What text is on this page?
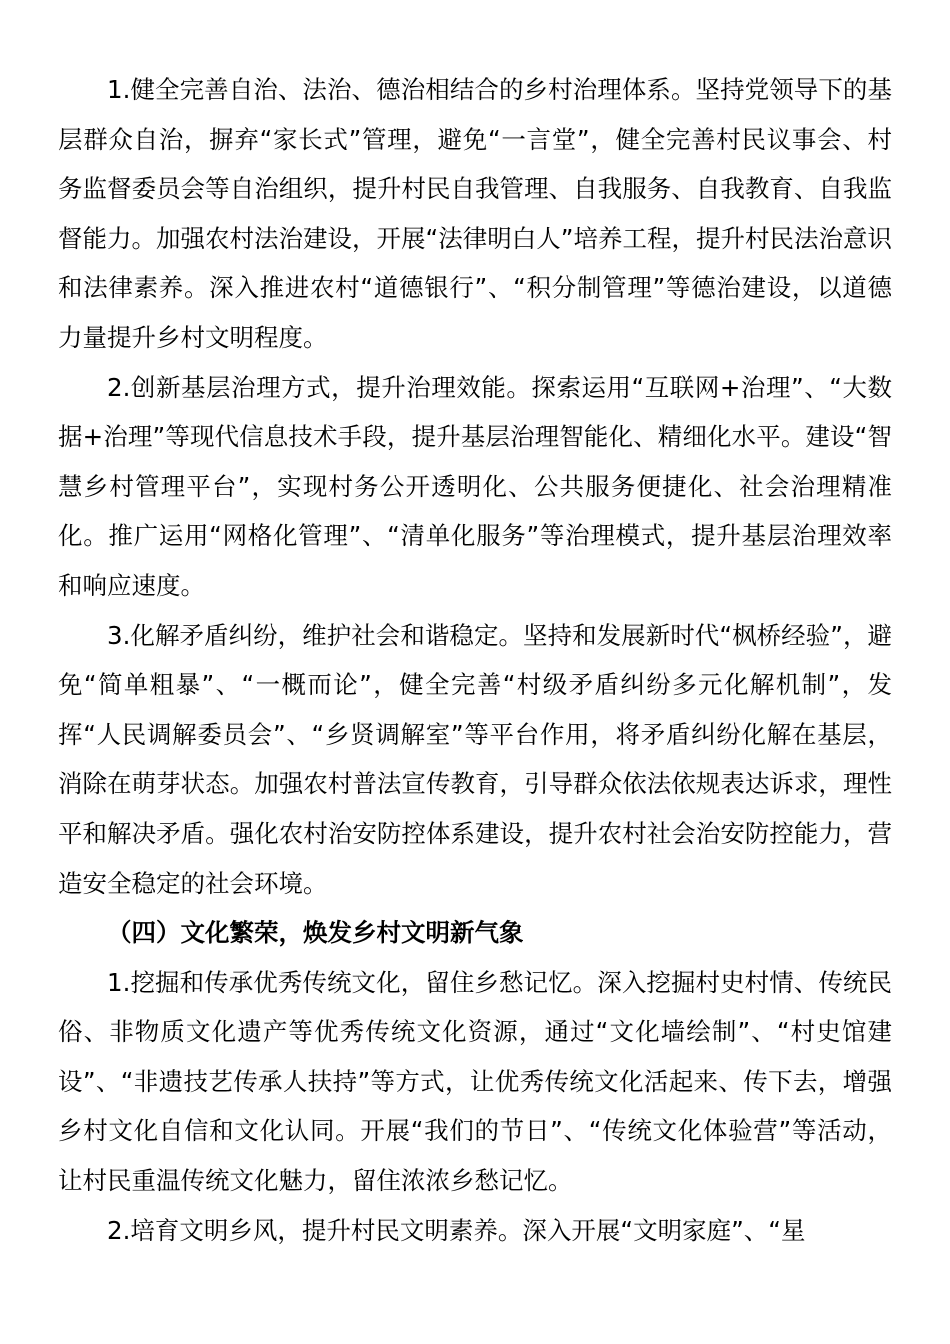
1.健全完善自治、法治、德治相结合的乡村治理体系。坚持党领导下的基层群众自治，摒弃“家长式”管理，避免“一言堂”，健全完善村民议事会、村务监督委员会等自治组织，提升村民自我管理、自我服务、自我教育、自我监督能力。加强农村法治建设，开展“法律明白人”培养工程，提升村民法治意识和法律素养。深入推进农村“道德银行”、“积分制管理”等德治建设，以道德力量提升乡村文明程度。

2.创新基层治理方式，提升治理效能。探索运用“互联网+治理”、“大数据+治理”等现代信息技术手段，提升基层治理智能化、精细化水平。建设“智慧乡村管理平台”，实现村务公开透明化、公共服务便捷化、社会治理精准化。推广运用“网格化管理”、“清单化服务”等治理模式，提升基层治理效率和响应速度。

3.化解矛盾纠纷，维护社会和谐稳定。坚持和发展新时代“枫桥经验”，避免“简单粗暴”、“一概而论”，健全完善“村级矛盾纠纷多元化解机制”，发挥“人民调解委员会”、“乡贤调解室”等平台作用，将矛盾纠纷化解在基层，消除在萌芽状态。加强农村普法宣传教育，引导群众依法依规表达诉求，理性平和解决矛盾。强化农村治安防控体系建设，提升农村社会治安防控能力，营造安全稳定的社会环境。

（四）文化繁荣，焕发乡村文明新气象

1.挖掘和传承优秀传统文化，留住乡愁记忆。深入挖掘村史村情、传统民俗、非物质文化遗产等优秀传统文化资源，通过“文化墙绘制”、“村史馆建设”、“非遗技艺传承人扶持”等方式，让优秀传统文化活起来、传下去，增强乡村文化自信和文化认同。开展“我们的节日”、“传统文化体验营”等活动，让村民重温传统文化魅力，留住浓浓乡愁记忆。

2.培育文明乡风，提升村民文明素养。深入开展“文明家庭”、“星
